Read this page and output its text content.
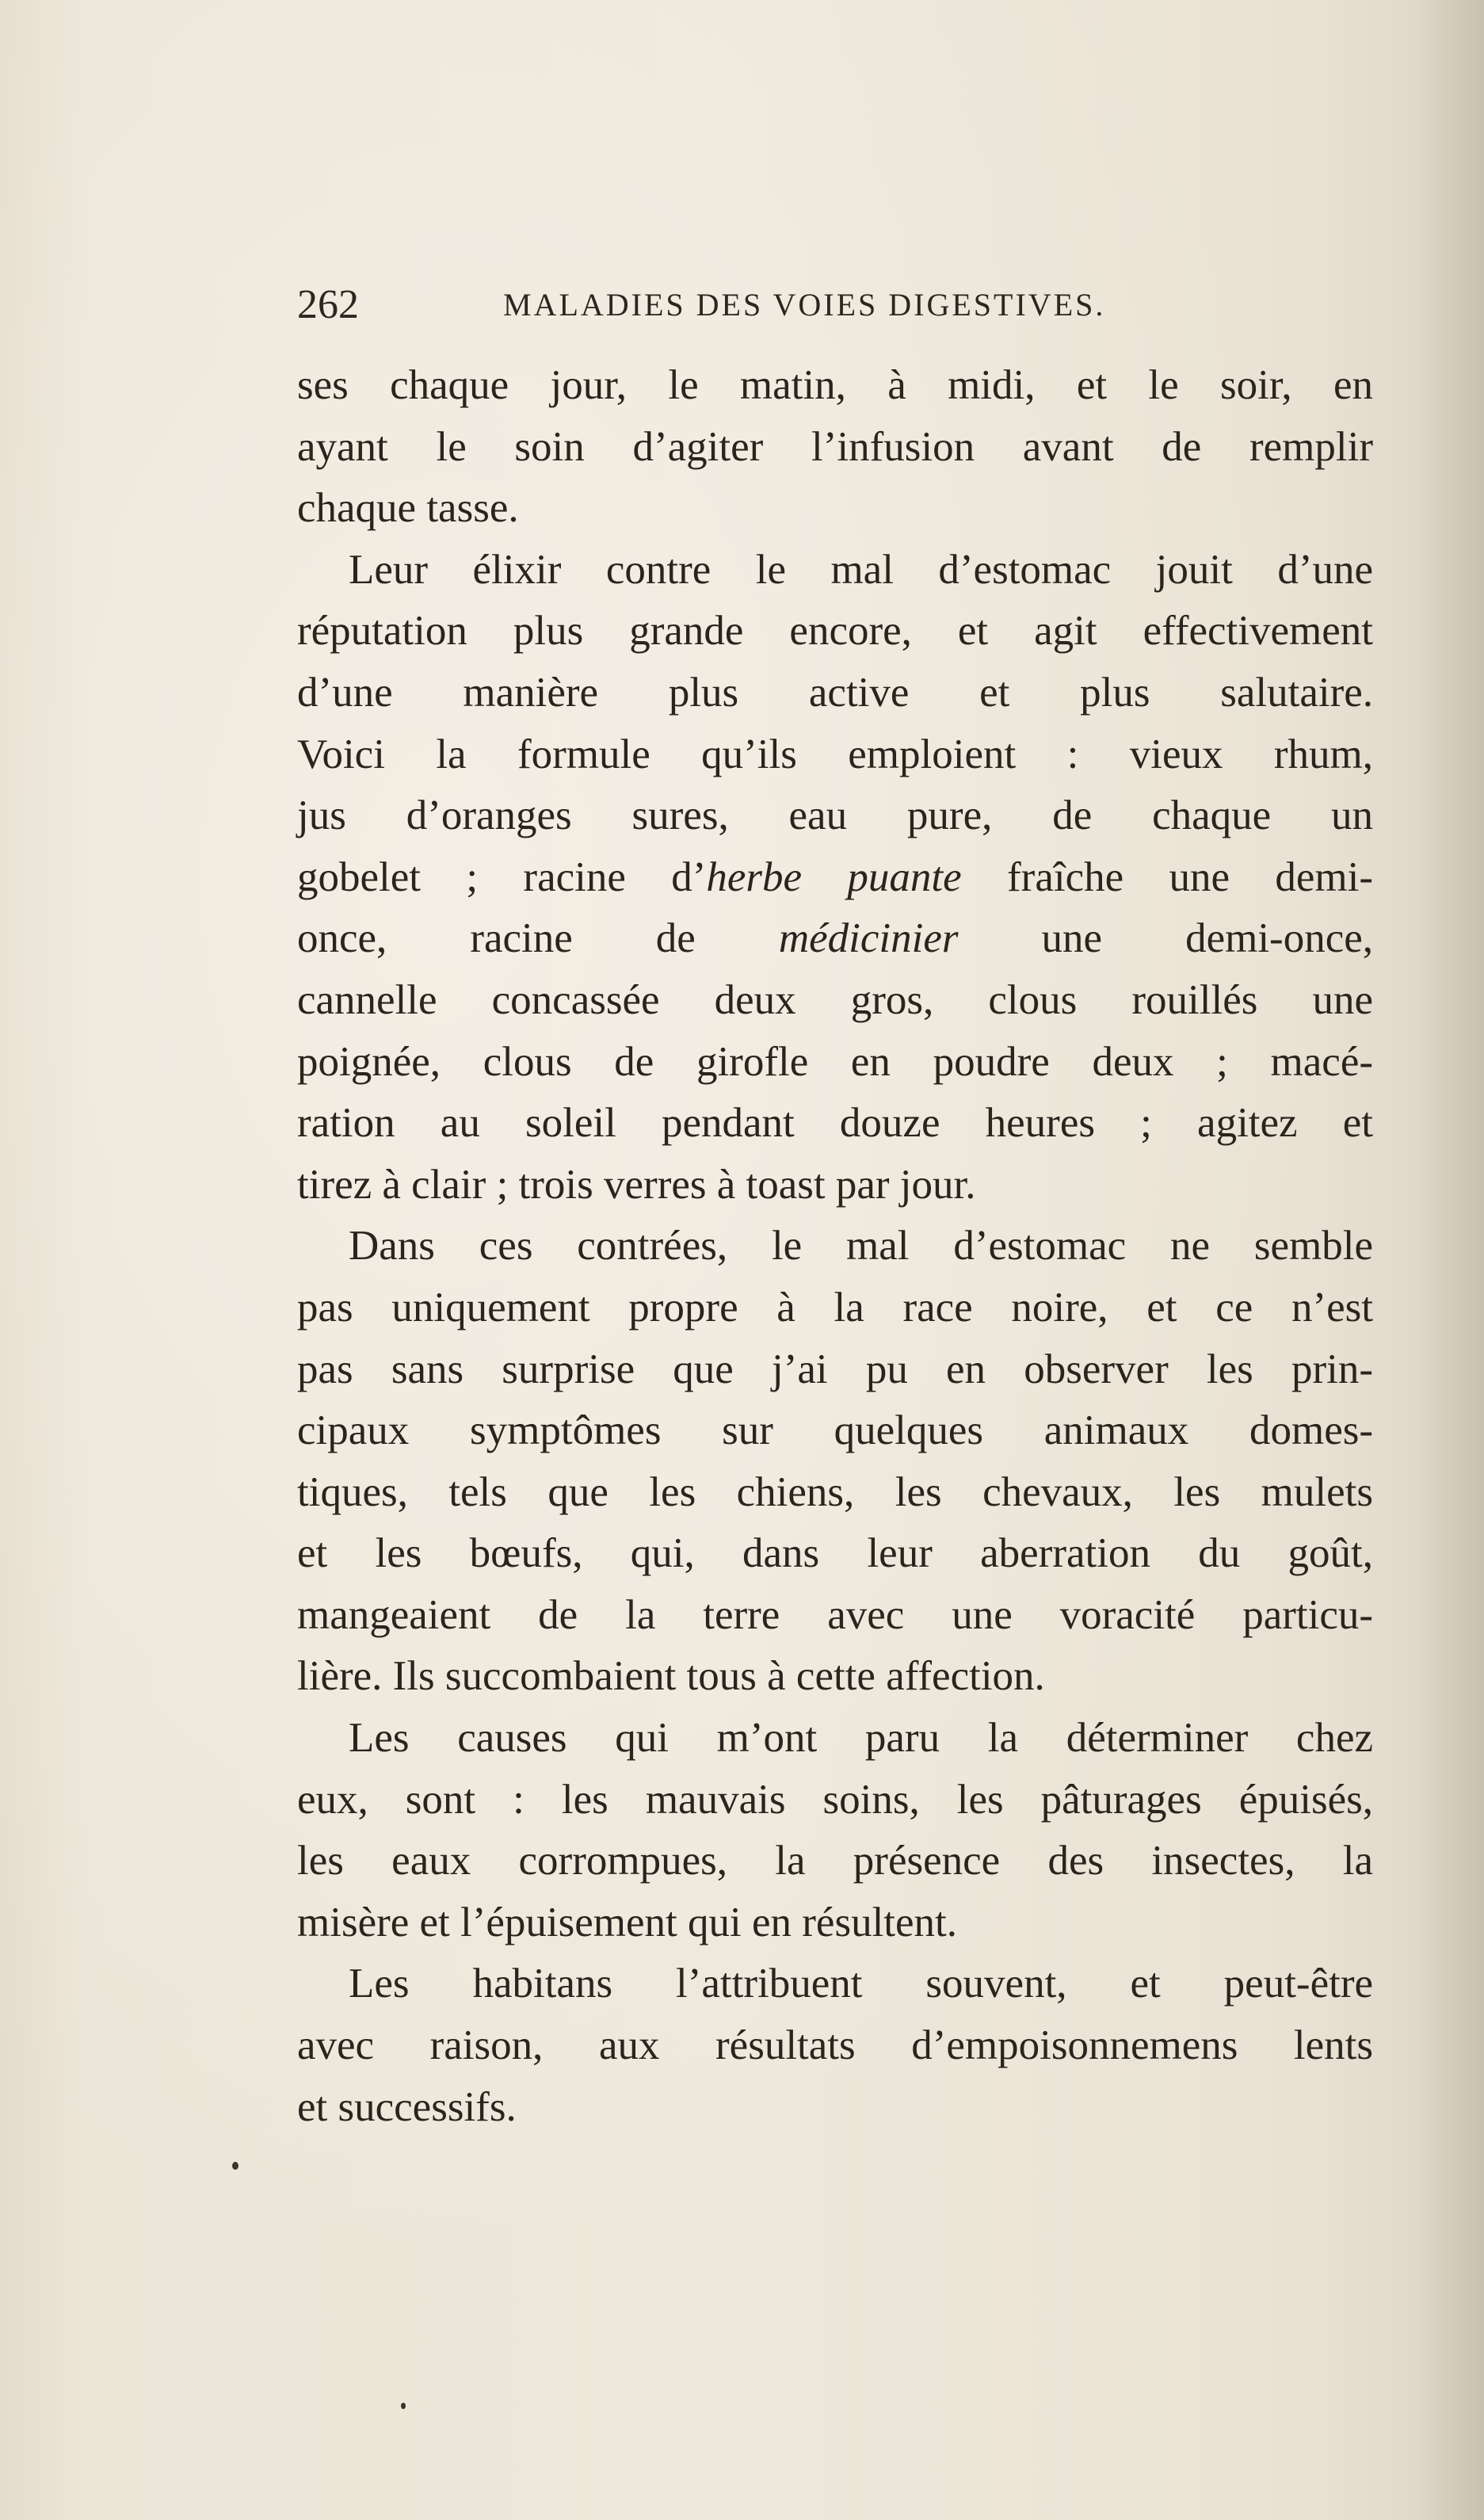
262	MALADIES DES VOIES DIGESTIVES.
ses chaque jour, le matin, à midi, et le soir, en
ayant le soin d’agiter l’infusion avant de remplir
chaque tasse.
Leur élixir contre le mal d’estomac jouit d’une
réputation plus grande encore, et agit effectivement
d’une manière plus active et plus salutaire.
Voici la formule qu’ils emploient : vieux rhum,
jus d’oranges sures, eau pure, de chaque un
gobelet ; racine d’herbe puante fraîche une demi-
once, racine de médicinier une demi-once,
cannelle concassée deux gros, clous rouillés une
poignée, clous de girofle en poudre deux ; macé-
ration au soleil pendant douze heures ; agitez et
tirez à clair ; trois verres à toast par jour.
Dans ces contrées, le mal d’estomac ne semble
pas uniquement propre à la race noire, et ce n’est
pas sans surprise que j’ai pu en observer les prin-
cipaux symptômes sur quelques animaux domes-
tiques, tels que les chiens, les chevaux, les mulets
et les bœufs, qui, dans leur aberration du goût,
mangeaient de la terre avec une voracité particu-
lière. Ils succombaient tous à cette affection.
Les causes qui m’ont paru la déterminer chez
eux, sont : les mauvais soins, les pâturages épuisés,
les eaux corrompues, la présence des insectes, la
misère et l’épuisement qui en résultent.
Les habitans l’attribuent souvent, et peut-être
avec raison, aux résultats d’empoisonnemens lents
et successifs.
